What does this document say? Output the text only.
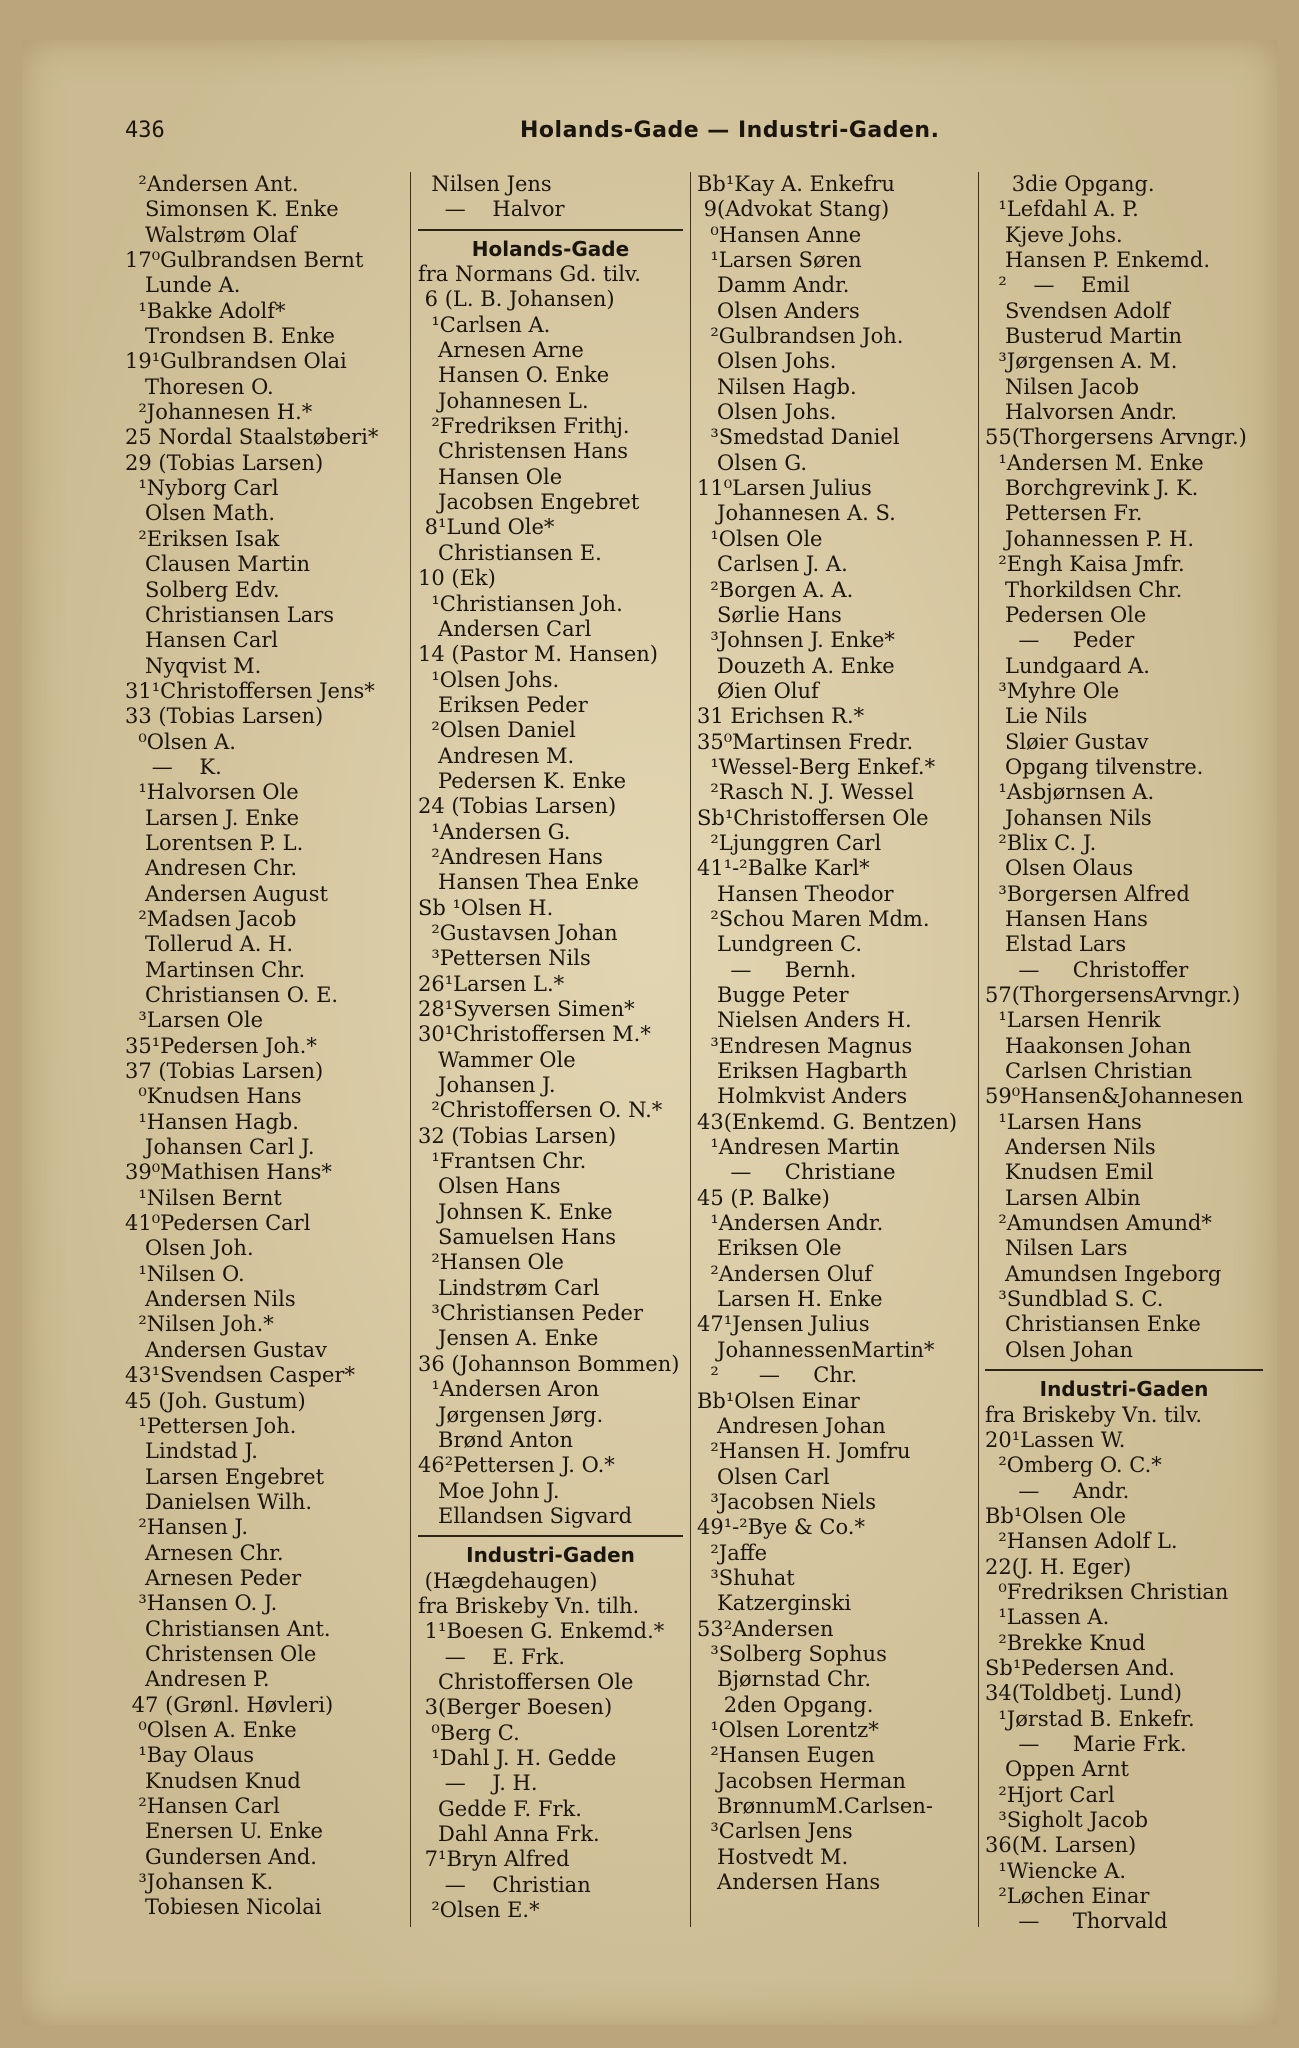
436	Holands-Gade — Industri-Gaden.
²Andersen Ant.
Simonsen K. Enke
Walstrøm Olaf
17⁰Gulbrandsen Bernt
Lunde A.
¹Bakke Adolf*
Trondsen B. Enke
19¹Gulbrandsen Olai
Thoresen O.
²Johannesen H.*
25 Nordal Staalstøberi*
29 (Tobias Larsen)
¹Nyborg Carl
Olsen Math.
²Eriksen Isak
Clausen Martin
Solberg Edv.
Christiansen Lars
Hansen Carl
Nyqvist M.
31¹Christoffersen Jens*
33 (Tobias Larsen)
⁰Olsen A.
—    K.
¹Halvorsen Ole
Larsen J. Enke
Lorentsen P. L.
Andresen Chr.
Andersen August
²Madsen Jacob
Tollerud A. H.
Martinsen Chr.
Christiansen O. E.
³Larsen Ole
35¹Pedersen Joh.*
37 (Tobias Larsen)
⁰Knudsen Hans
¹Hansen Hagb.
Johansen Carl J.
39⁰Mathisen Hans*
¹Nilsen Bernt
41⁰Pedersen Carl
Olsen Joh.
¹Nilsen O.
Andersen Nils
²Nilsen Joh.*
Andersen Gustav
43¹Svendsen Casper*
45 (Joh. Gustum)
¹Pettersen Joh.
Lindstad J.
Larsen Engebret
Danielsen Wilh.
²Hansen J.
Arnesen Chr.
Arnesen Peder
³Hansen O. J.
Christiansen Ant.
Christensen Ole
Andresen P.
47 (Grønl. Høvleri)
⁰Olsen A. Enke
¹Bay Olaus
Knudsen Knud
²Hansen Carl
Enersen U. Enke
Gundersen And.
³Johansen K.
Tobiesen Nicolai
Nilsen Jens
—    Halvor
Holands-Gade
fra Normans Gd. tilv.
6 (L. B. Johansen)
¹Carlsen A.
Arnesen Arne
Hansen O. Enke
Johannesen L.
²Fredriksen Frithj.
Christensen Hans
Hansen Ole
Jacobsen Engebret
8¹Lund Ole*
Christiansen E.
10 (Ek)
¹Christiansen Joh.
Andersen Carl
14 (Pastor M. Hansen)
¹Olsen Johs.
Eriksen Peder
²Olsen Daniel
Andresen M.
Pedersen K. Enke
24 (Tobias Larsen)
¹Andersen G.
²Andresen Hans
Hansen Thea Enke
Sb ¹Olsen H.
²Gustavsen Johan
³Pettersen Nils
26¹Larsen L.*
28¹Syversen Simen*
30¹Christoffersen M.*
Wammer Ole
Johansen J.
²Christoffersen O. N.*
32 (Tobias Larsen)
¹Frantsen Chr.
Olsen Hans
Johnsen K. Enke
Samuelsen Hans
²Hansen Ole
Lindstrøm Carl
³Christiansen Peder
Jensen A. Enke
36 (Johannson Bommen)
¹Andersen Aron
Jørgensen Jørg.
Brønd Anton
46²Pettersen J. O.*
Moe John J.
Ellandsen Sigvard
Industri-Gaden
(Hægdehaugen)
fra Briskeby Vn. tilh.
1¹Boesen G. Enkemd.*
—    E. Frk.
Christoffersen Ole
3(Berger Boesen)
⁰Berg C.
¹Dahl J. H. Gedde
—    J. H.
Gedde F. Frk.
Dahl Anna Frk.
7¹Bryn Alfred
—    Christian
²Olsen E.*
Bb¹Kay A. Enkefru
9(Advokat Stang)
⁰Hansen Anne
¹Larsen Søren
Damm Andr.
Olsen Anders
²Gulbrandsen Joh.
Olsen Johs.
Nilsen Hagb.
Olsen Johs.
³Smedstad Daniel
Olsen G.
11⁰Larsen Julius
Johannesen A. S.
¹Olsen Ole
Carlsen J. A.
²Borgen A. A.
Sørlie Hans
³Johnsen J. Enke*
Douzeth A. Enke
Øien Oluf
31 Erichsen R.*
35⁰Martinsen Fredr.
¹Wessel-Berg Enkef.*
²Rasch N. J. Wessel
Sb¹Christoffersen Ole
²Ljunggren Carl
41¹-²Balke Karl*
Hansen Theodor
²Schou Maren Mdm.
Lundgreen C.
—     Bernh.
Bugge Peter
Nielsen Anders H.
³Endresen Magnus
Eriksen Hagbarth
Holmkvist Anders
43(Enkemd. G. Bentzen)
¹Andresen Martin
—     Christiane
45 (P. Balke)
¹Andersen Andr.
Eriksen Ole
²Andersen Oluf
Larsen H. Enke
47¹Jensen Julius
JohannessenMartin*
²      —     Chr.
Bb¹Olsen Einar
Andresen Johan
²Hansen H. Jomfru
Olsen Carl
³Jacobsen Niels
49¹-²Bye & Co.*
²Jaffe
³Shuhat
Katzerginski
53²Andersen
³Solberg Sophus
Bjørnstad Chr.
2den Opgang.
¹Olsen Lorentz*
²Hansen Eugen
Jacobsen Herman
BrønnumM.Carlsen-
³Carlsen Jens
Hostvedt M.
Andersen Hans
3die Opgang.
¹Lefdahl A. P.
Kjeve Johs.
Hansen P. Enkemd.
²    —    Emil
Svendsen Adolf
Busterud Martin
³Jørgensen A. M.
Nilsen Jacob
Halvorsen Andr.
55(Thorgersens Arvngr.)
¹Andersen M. Enke
Borchgrevink J. K.
Pettersen Fr.
Johannessen P. H.
²Engh Kaisa Jmfr.
Thorkildsen Chr.
Pedersen Ole
—     Peder
Lundgaard A.
³Myhre Ole
Lie Nils
Sløier Gustav
Opgang tilvenstre.
¹Asbjørnsen A.
Johansen Nils
²Blix C. J.
Olsen Olaus
³Borgersen Alfred
Hansen Hans
Elstad Lars
—     Christoffer
57(ThorgersensArvngr.)
¹Larsen Henrik
Haakonsen Johan
Carlsen Christian
59⁰Hansen&Johannesen
¹Larsen Hans
Andersen Nils
Knudsen Emil
Larsen Albin
²Amundsen Amund*
Nilsen Lars
Amundsen Ingeborg
³Sundblad S. C.
Christiansen Enke
Olsen Johan
Industri-Gaden
fra Briskeby Vn. tilv.
20¹Lassen W.
²Omberg O. C.*
—     Andr.
Bb¹Olsen Ole
²Hansen Adolf L.
22(J. H. Eger)
⁰Fredriksen Christian
¹Lassen A.
²Brekke Knud
Sb¹Pedersen And.
34(Toldbetj. Lund)
¹Jørstad B. Enkefr.
—     Marie Frk.
Oppen Arnt
²Hjort Carl
³Sigholt Jacob
36(M. Larsen)
¹Wiencke A.
²Løchen Einar
—     Thorvald
